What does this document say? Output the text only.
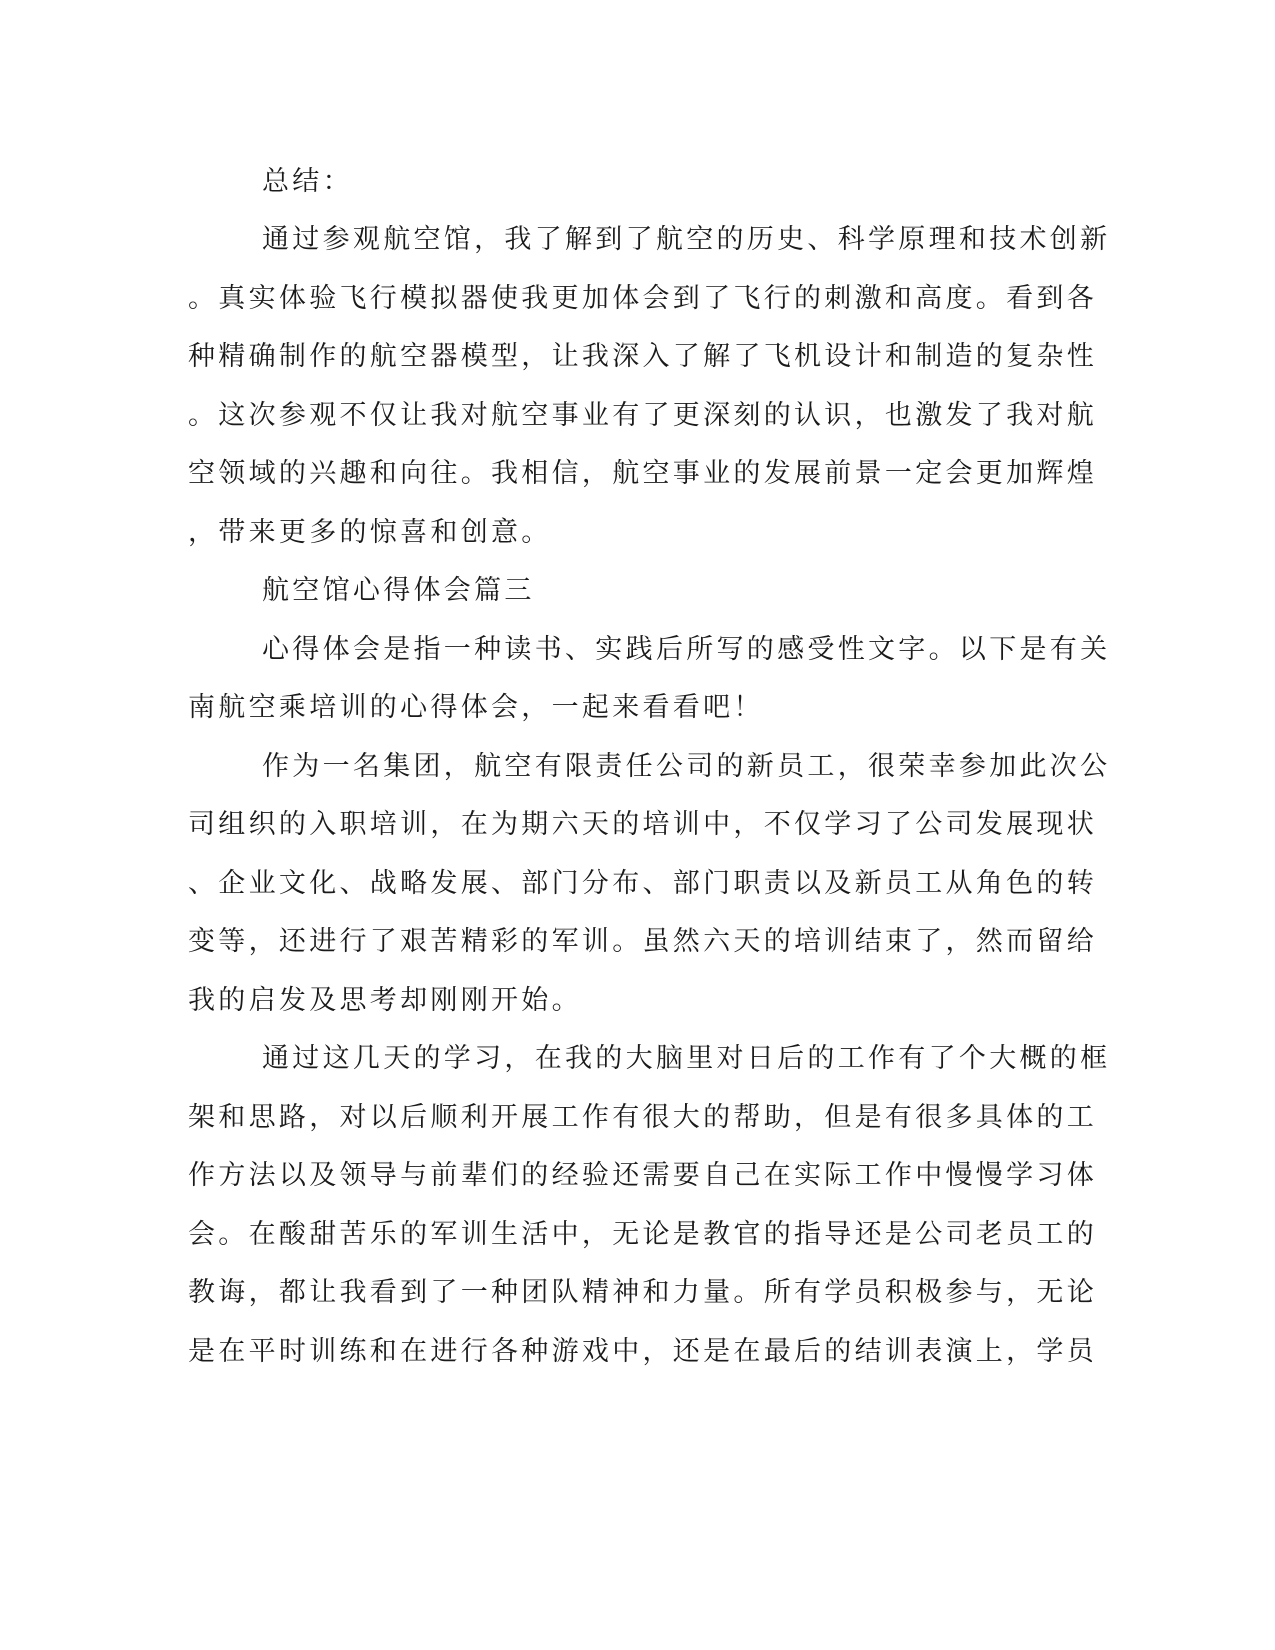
总结：
通过参观航空馆，我了解到了航空的历史、科学原理和技术创新
。真实体验飞行模拟器使我更加体会到了飞行的刺激和高度。看到各
种精确制作的航空器模型，让我深入了解了飞机设计和制造的复杂性
。这次参观不仅让我对航空事业有了更深刻的认识，也激发了我对航
空领域的兴趣和向往。我相信，航空事业的发展前景一定会更加辉煌
，带来更多的惊喜和创意。
航空馆心得体会篇三
心得体会是指一种读书、实践后所写的感受性文字。以下是有关
南航空乘培训的心得体会，一起来看看吧！
作为一名集团，航空有限责任公司的新员工，很荣幸参加此次公
司组织的入职培训，在为期六天的培训中，不仅学习了公司发展现状
、企业文化、战略发展、部门分布、部门职责以及新员工从角色的转
变等，还进行了艰苦精彩的军训。虽然六天的培训结束了，然而留给
我的启发及思考却刚刚开始。
通过这几天的学习，在我的大脑里对日后的工作有了个大概的框
架和思路，对以后顺利开展工作有很大的帮助，但是有很多具体的工
作方法以及领导与前辈们的经验还需要自己在实际工作中慢慢学习体
会。在酸甜苦乐的军训生活中，无论是教官的指导还是公司老员工的
教诲，都让我看到了一种团队精神和力量。所有学员积极参与，无论
是在平时训练和在进行各种游戏中，还是在最后的结训表演上，学员
